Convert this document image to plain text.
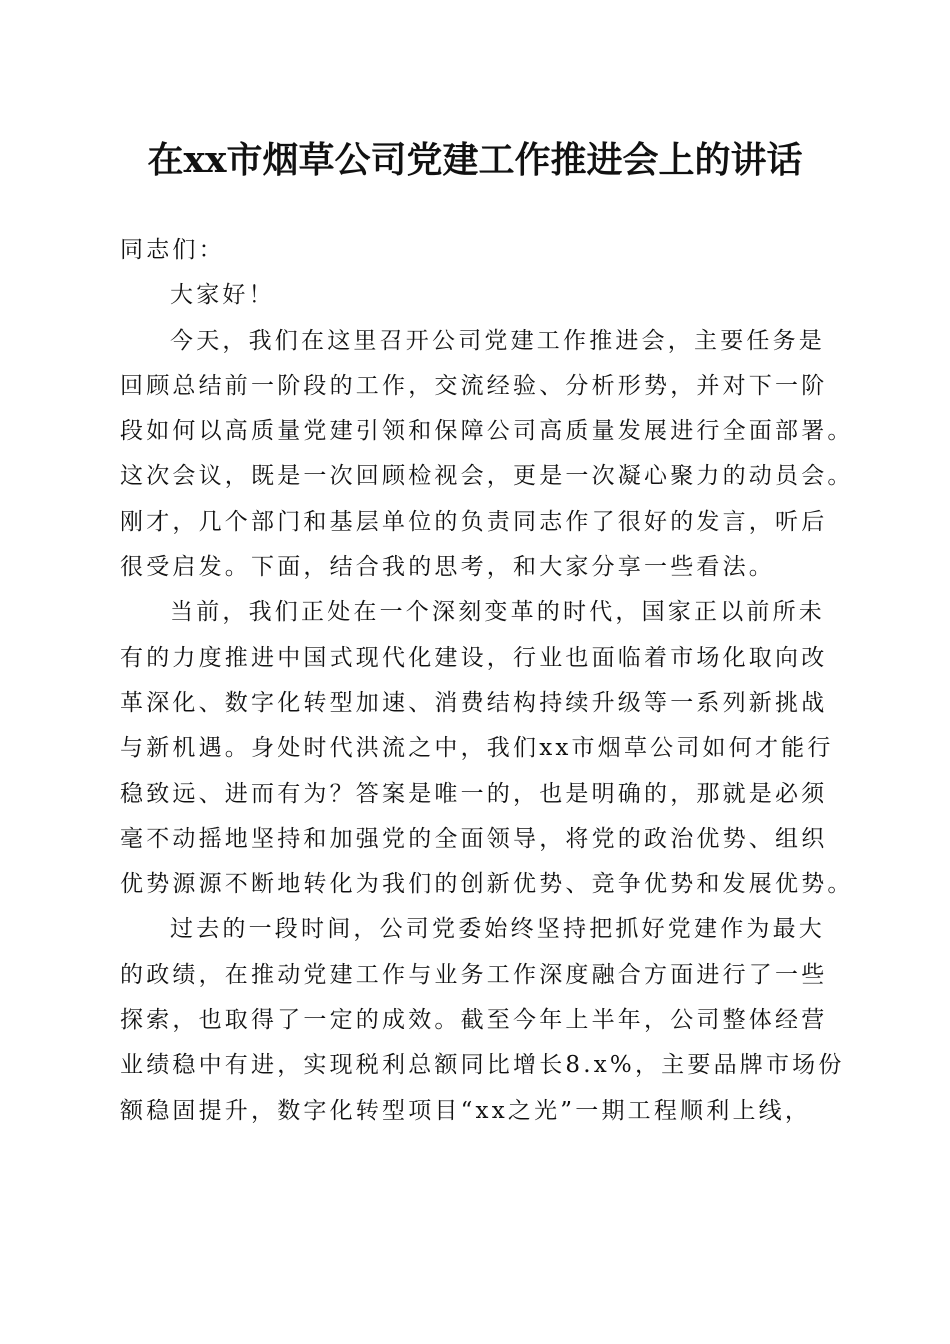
在xx市烟草公司党建工作推进会上的讲话
同志们：
大家好！
今天，我们在这里召开公司党建工作推进会，主要任务是
回顾总结前一阶段的工作，交流经验、分析形势，并对下一阶
段如何以高质量党建引领和保障公司高质量发展进行全面部署。
这次会议，既是一次回顾检视会，更是一次凝心聚力的动员会。
刚才，几个部门和基层单位的负责同志作了很好的发言，听后
很受启发。下面，结合我的思考，和大家分享一些看法。
当前，我们正处在一个深刻变革的时代，国家正以前所未
有的力度推进中国式现代化建设，行业也面临着市场化取向改
革深化、数字化转型加速、消费结构持续升级等一系列新挑战
与新机遇。身处时代洪流之中，我们xx市烟草公司如何才能行
稳致远、进而有为？答案是唯一的，也是明确的，那就是必须
毫不动摇地坚持和加强党的全面领导，将党的政治优势、组织
优势源源不断地转化为我们的创新优势、竞争优势和发展优势。
过去的一段时间，公司党委始终坚持把抓好党建作为最大
的政绩，在推动党建工作与业务工作深度融合方面进行了一些
探索，也取得了一定的成效。截至今年上半年，公司整体经营
业绩稳中有进，实现税利总额同比增长8.x%，主要品牌市场份
额稳固提升，数字化转型项目“xx之光”一期工程顺利上线，
